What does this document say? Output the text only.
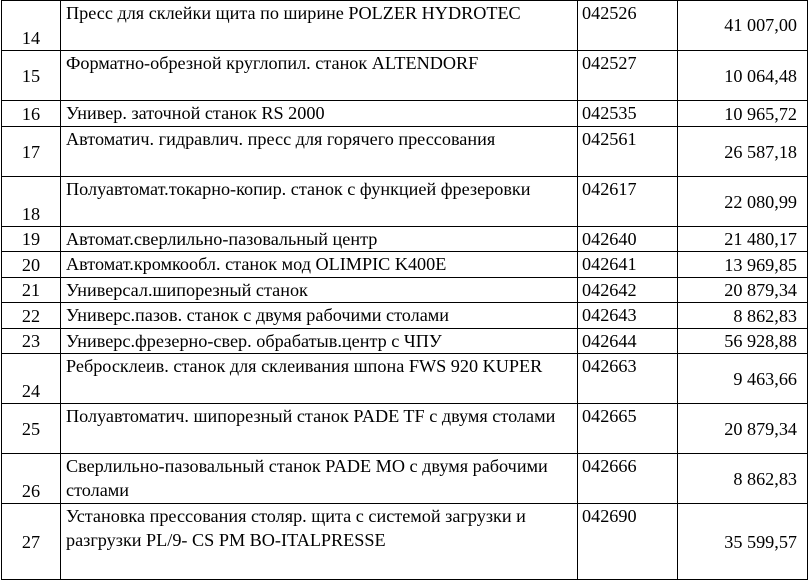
14	Пресс для склейки щита по ширине POLZER HYDROTEC	042526	41 007,00
15	Форматно-обрезной круглопил. станок ALTENDORF	042527	10 064,48
16	Универ. заточной станок RS 2000	042535	10 965,72
17	Автоматич. гидравлич. пресс для горячего прессования	042561	26 587,18
18	Полуавтомат.токарно-копир. станок с функцией фрезеровки	042617	22 080,99
19	Автомат.сверлильно-пазовальный центр	042640	21 480,17
20	Автомат.кромкообл. станок мод OLIMPIC K400E	042641	13 969,85
21	Универсал.шипорезный станок	042642	20 879,34
22	Универс.пазов. станок с двумя рабочими столами	042643	8 862,83
23	Универс.фрезерно-свер. обрабатыв.центр с ЧПУ	042644	56 928,88
24	Ребросклеив. станок для склеивания шпона FWS 920 KUPER	042663	9 463,66
25	Полуавтоматич. шипорезный станок PADE TF с двумя столами	042665	20 879,34
26	Сверлильно-пазовальный станок PADE MO с двумя рабочими столами	042666	8 862,83
27	Установка прессования столяр. щита с системой загрузки и разгрузки PL/9- CS PM BO-ITALPRESSE	042690	35 599,57
